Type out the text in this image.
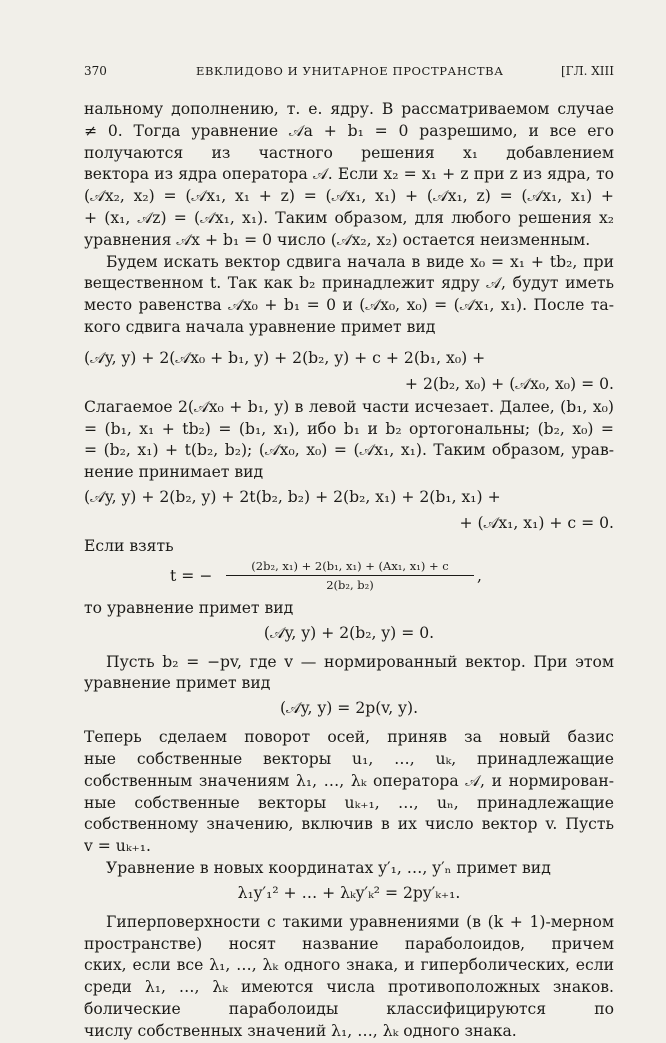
370	ЕВКЛИДОВО И УНИТАРНОЕ ПРОСТРАНСТВА	[ГЛ. XIII
нальному дополнению, т. е. ядру. В рассматриваемом случае
≠ 0. Тогда уравнение 𝒜a + b₁ = 0 разрешимо, и все его
получаются из частного решения x₁ добавлением
вектора из ядра оператора 𝒜. Если x₂ = x₁ + z при z из ядра, то
(𝒜x₂, x₂) = (𝒜x₁, x₁ + z) = (𝒜x₁, x₁) + (𝒜x₁, z) = (𝒜x₁, x₁) +
+ (x₁, 𝒜z) = (𝒜x₁, x₁). Таким образом, для любого решения x₂
уравнения 𝒜x + b₁ = 0 число (𝒜x₂, x₂) остается неизменным.
Будем искать вектор сдвига начала в виде x₀ = x₁ + tb₂, при
вещественном t. Так как b₂ принадлежит ядру 𝒜, будут иметь
место равенства 𝒜x₀ + b₁ = 0 и (𝒜x₀, x₀) = (𝒜x₁, x₁). После та-
кого сдвига начала уравнение примет вид
(𝒜y, y) + 2(𝒜x₀ + b₁, y) + 2(b₂, y) + c + 2(b₁, x₀) +
+ 2(b₂, x₀) + (𝒜x₀, x₀) = 0.
Слагаемое 2(𝒜x₀ + b₁, y) в левой части исчезает. Далее, (b₁, x₀)
= (b₁, x₁ + tb₂) = (b₁, x₁), ибо b₁ и b₂ ортогональны; (b₂, x₀) =
= (b₂, x₁) + t(b₂, b₂); (𝒜x₀, x₀) = (𝒜x₁, x₁). Таким образом, урав-
нение принимает вид
(𝒜y, y) + 2(b₂, y) + 2t(b₂, b₂) + 2(b₂, x₁) + 2(b₁, x₁) +
+ (𝒜x₁, x₁) + c = 0.
Если взять
t = − $\frac{\text{(2b₂, x₁) + 2(b₁, x₁) + (Ax₁, x₁) + c}}{\text{2(b₂, b₂)}}$ ,
то уравнение примет вид
(𝒜y, y) + 2(b₂, y) = 0.
Пусть b₂ = −pv, где v — нормированный вектор. При этом
уравнение примет вид
(𝒜y, y) = 2p(v, y).
Теперь сделаем поворот осей, приняв за новый базис
ные собственные векторы u₁, …, uₖ, принадлежащие
собственным значениям λ₁, …, λₖ оператора 𝒜, и нормирован-
ные собственные векторы uₖ₊₁, …, uₙ, принадлежащие
собственному значению, включив в их число вектор v. Пусть
v = uₖ₊₁.
Уравнение в новых координатах y′₁, …, y′ₙ примет вид
λ₁y′₁² + … + λₖy′ₖ² = 2py′ₖ₊₁.
Гиперповерхности с такими уравнениями (в (k + 1)-мерном
пространстве) носят название параболоидов, причем
ских, если все λ₁, …, λₖ одного знака, и гиперболических, если
среди λ₁, …, λₖ имеются числа противоположных знаков.
болические параболоиды классифицируются по
числу собственных значений λ₁, …, λₖ одного знака.
